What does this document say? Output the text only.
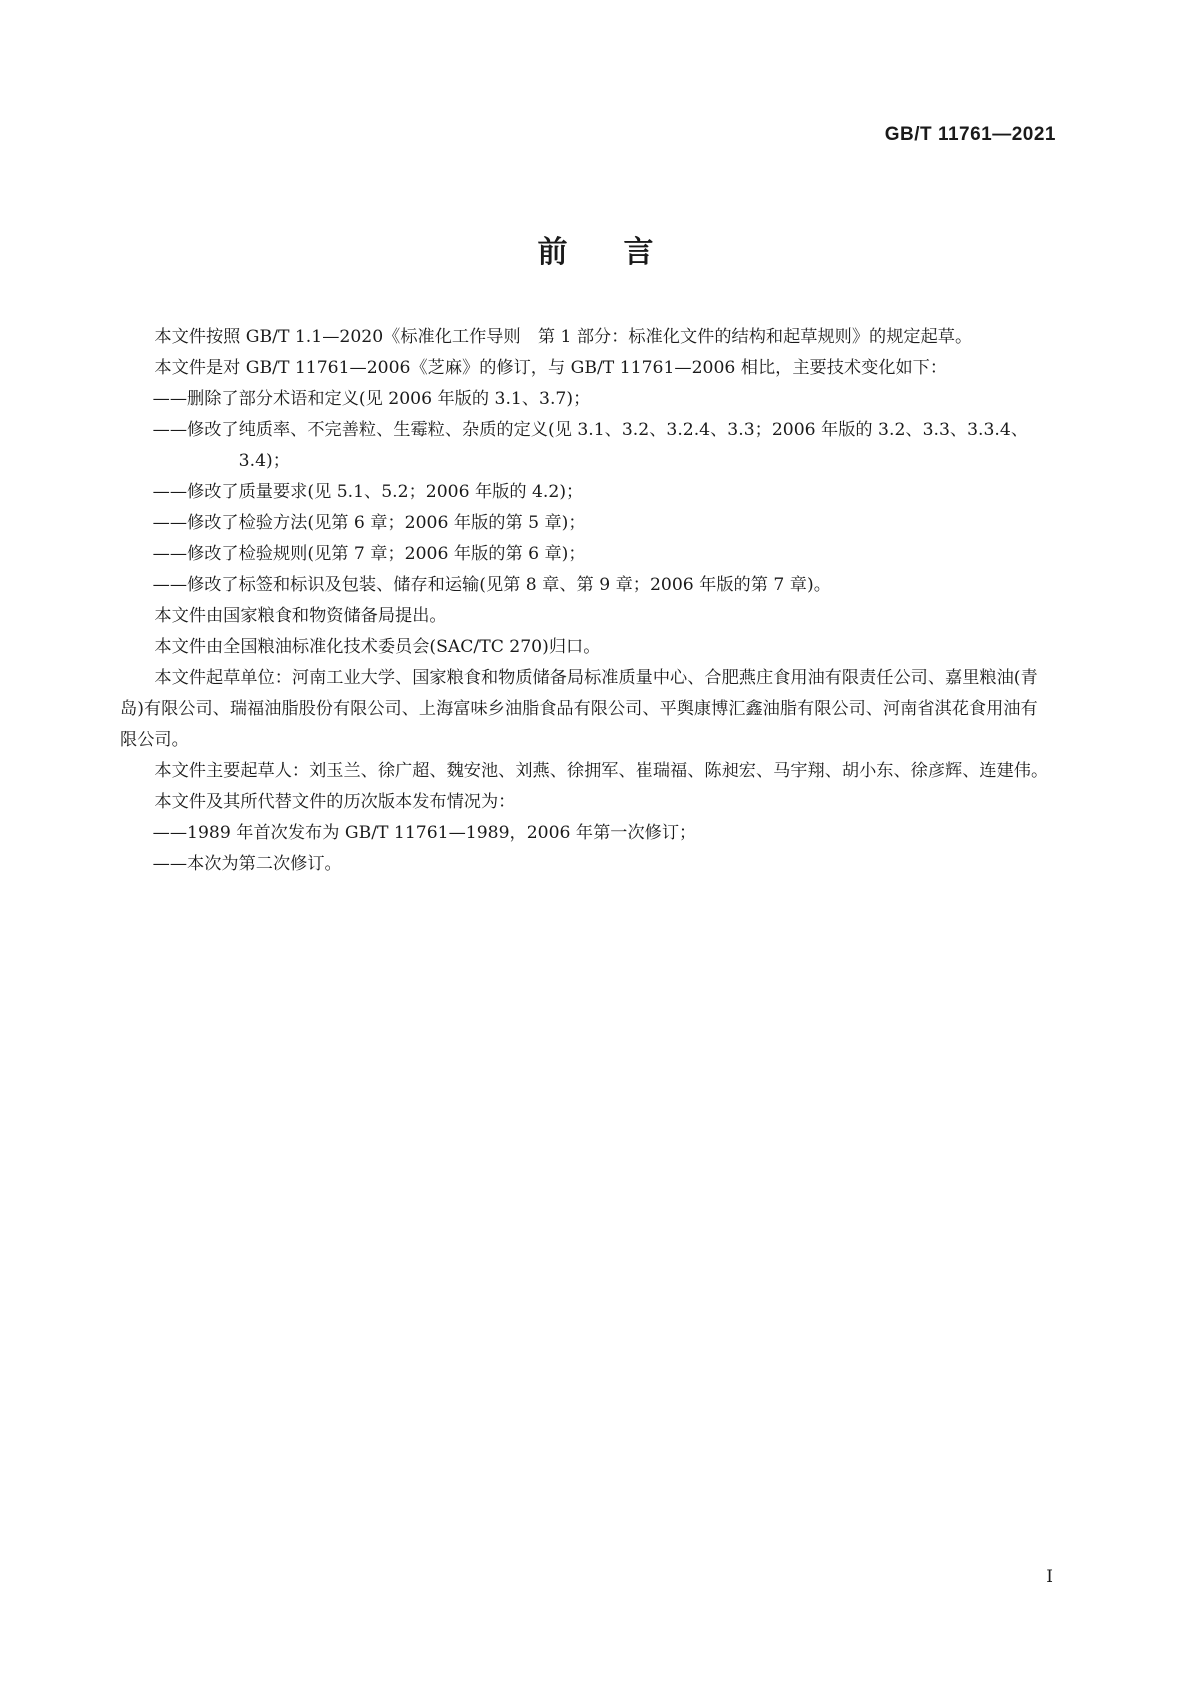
GB/T 11761—2021
前 言

本文件按照 GB/T 1.1—2020《标准化工作导则　第 1 部分：标准化文件的结构和起草规则》的规定起草。

本文件是对 GB/T 11761—2006《芝麻》的修订，与 GB/T 11761—2006 相比，主要技术变化如下：

——删除了部分术语和定义(见 2006 年版的 3.1、3.7)；

——修改了纯质率、不完善粒、生霉粒、杂质的定义(见 3.1、3.2、3.2.4、3.3；2006 年版的 3.2、3.3、3.3.4、3.4)；

——修改了质量要求(见 5.1、5.2；2006 年版的 4.2)；

——修改了检验方法(见第 6 章；2006 年版的第 5 章)；

——修改了检验规则(见第 7 章；2006 年版的第 6 章)；

——修改了标签和标识及包装、储存和运输(见第 8 章、第 9 章；2006 年版的第 7 章)。

本文件由国家粮食和物资储备局提出。

本文件由全国粮油标准化技术委员会(SAC/TC 270)归口。

本文件起草单位：河南工业大学、国家粮食和物质储备局标准质量中心、合肥燕庄食用油有限责任公司、嘉里粮油(青岛)有限公司、瑞福油脂股份有限公司、上海富味乡油脂食品有限公司、平舆康博汇鑫油脂有限公司、河南省淇花食用油有限公司。

本文件主要起草人：刘玉兰、徐广超、魏安池、刘燕、徐拥军、崔瑞福、陈昶宏、马宇翔、胡小东、徐彦辉、连建伟。

本文件及其所代替文件的历次版本发布情况为：

——1989 年首次发布为 GB/T 11761—1989，2006 年第一次修订；

——本次为第二次修订。

I
